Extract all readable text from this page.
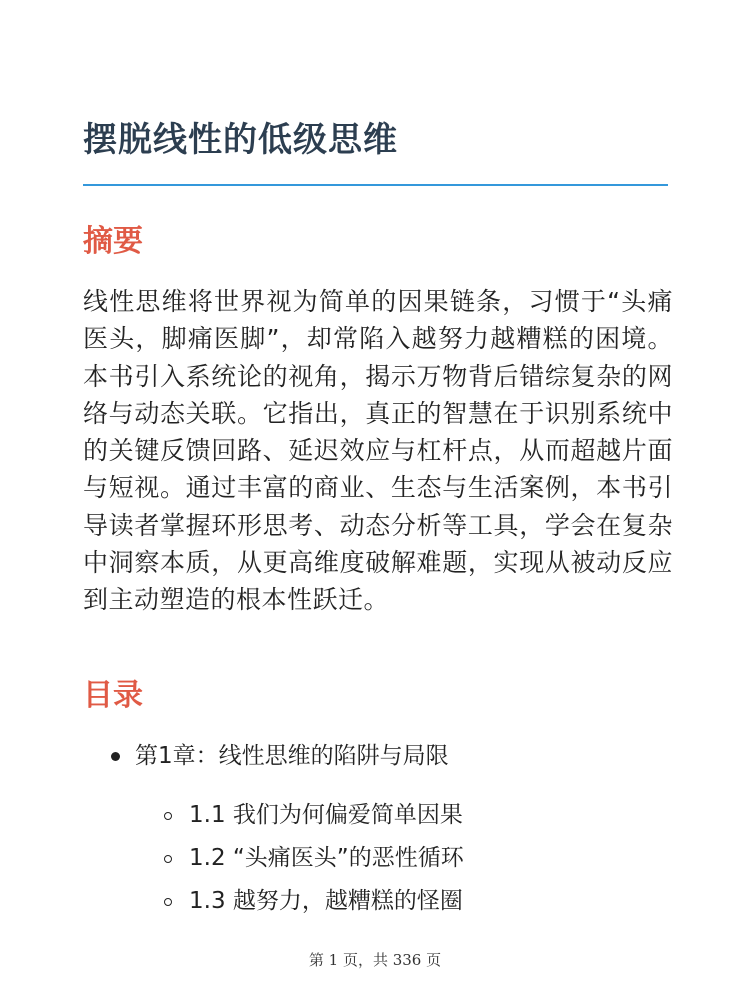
摆脱线性的低级思维
摘要

线性思维将世界视为简单的因果链条，习惯于“头痛医头，脚痛医脚”，却常陷入越努力越糟糕的困境。本书引入系统论的视角，揭示万物背后错综复杂的网络与动态关联。它指出，真正的智慧在于识别系统中的关键反馈回路、延迟效应与杠杆点，从而超越片面与短视。通过丰富的商业、生态与生活案例，本书引导读者掌握环形思考、动态分析等工具，学会在复杂中洞察本质，从更高维度破解难题，实现从被动反应到主动塑造的根本性跃迁。

目录
第1章：线性思维的陷阱与局限
1.1 我们为何偏爱简单因果
1.2 “头痛医头”的恶性循环
1.3 越努力，越糟糕的怪圈
第 1 页，共 336 页
